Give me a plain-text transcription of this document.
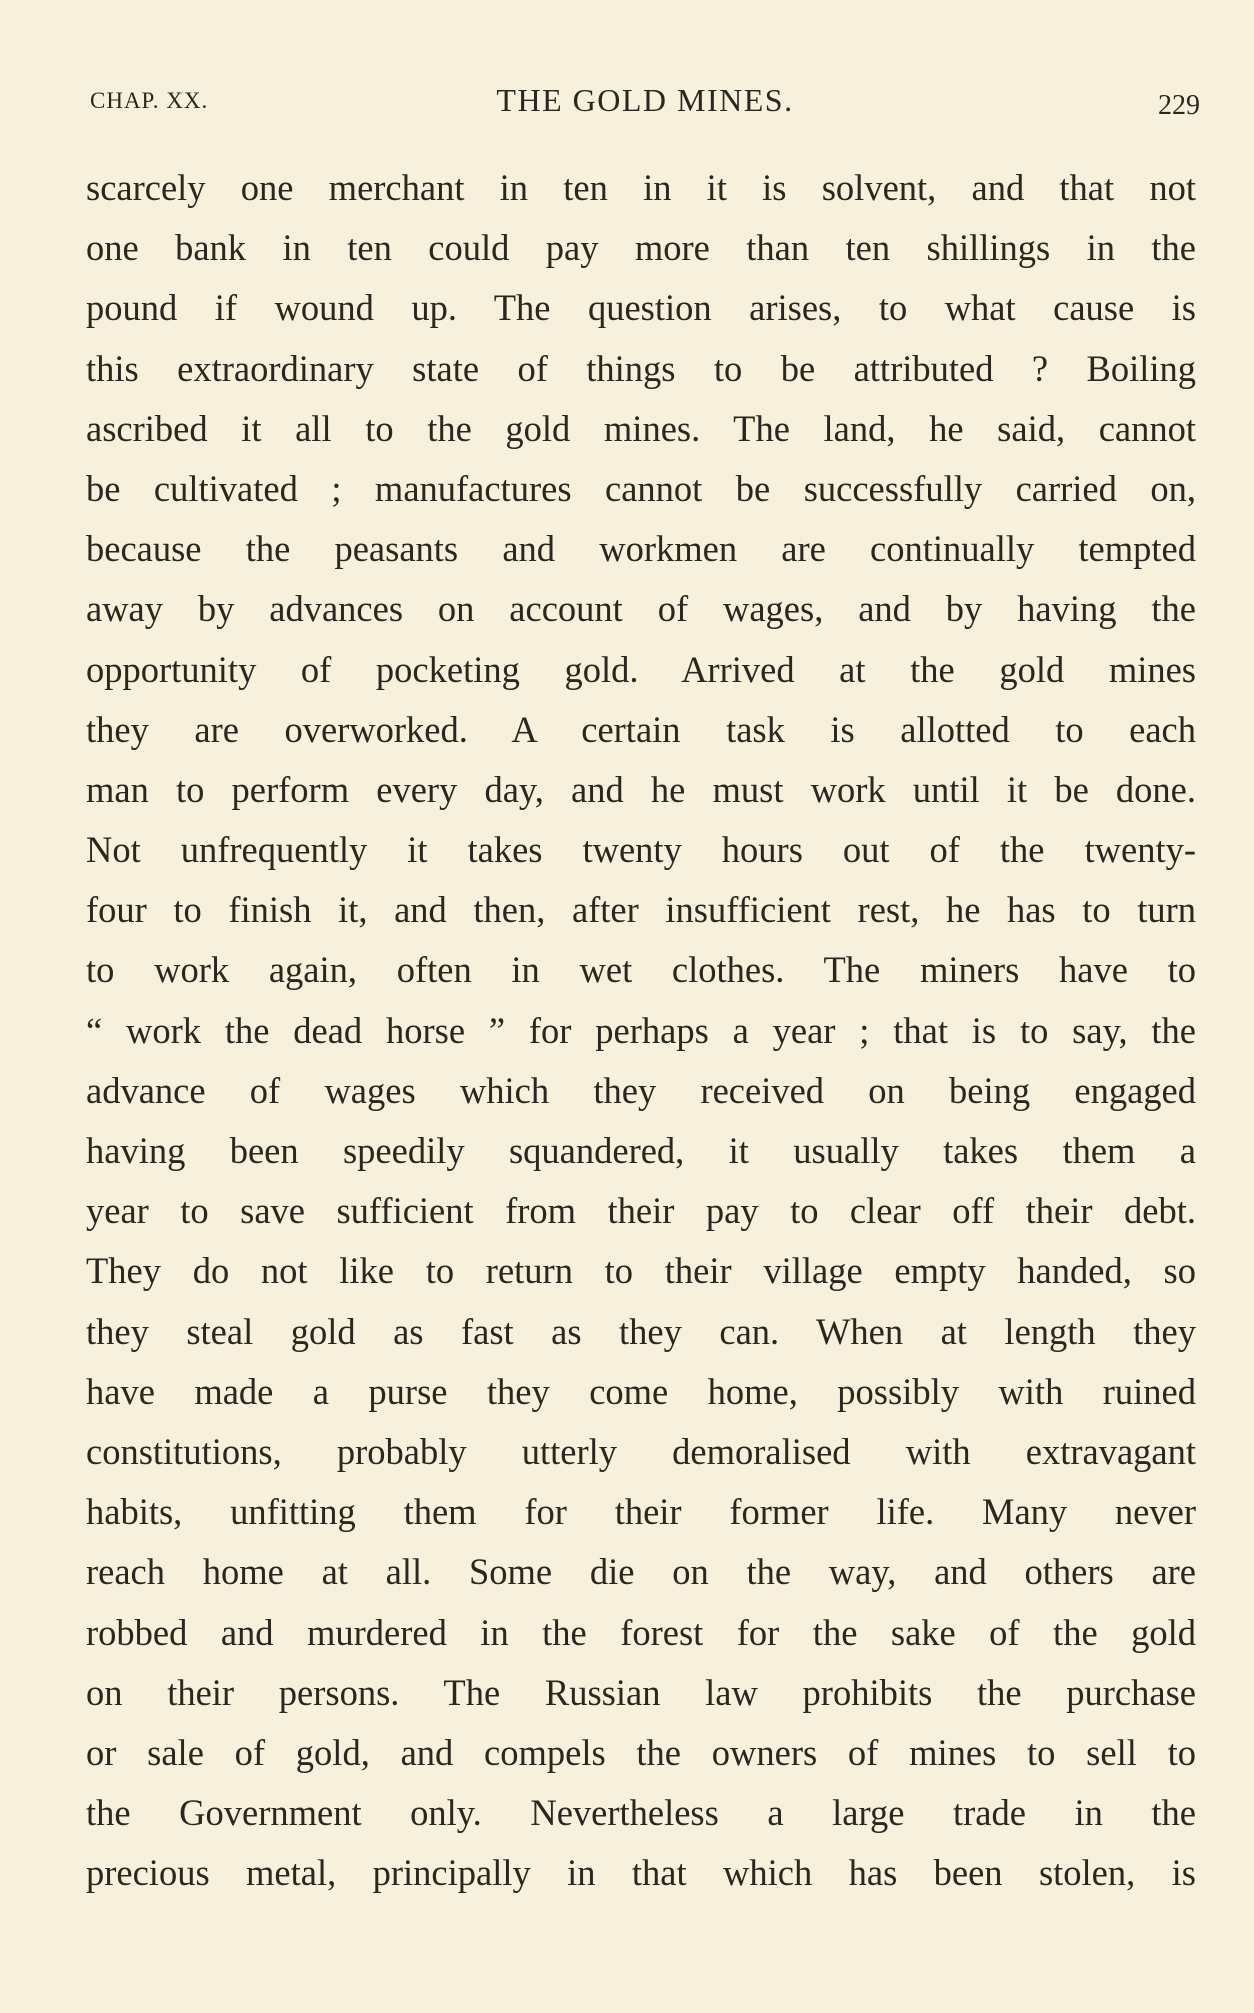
CHAP. XX.	THE GOLD MINES.	229
scarcely one merchant in ten in it is solvent, and that not
one bank in ten could pay more than ten shillings in the
pound if wound up. The question arises, to what cause is
this extraordinary state of things to be attributed ? Boiling
ascribed it all to the gold mines. The land, he said, cannot
be cultivated ; manufactures cannot be successfully carried on,
because the peasants and workmen are continually tempted
away by advances on account of wages, and by having the
opportunity of pocketing gold. Arrived at the gold mines
they are overworked. A certain task is allotted to each
man to perform every day, and he must work until it be done.
Not unfrequently it takes twenty hours out of the twenty-
four to finish it, and then, after insufficient rest, he has to turn
to work again, often in wet clothes. The miners have to
“ work the dead horse ” for perhaps a year ; that is to say, the
advance of wages which they received on being engaged
having been speedily squandered, it usually takes them a
year to save sufficient from their pay to clear off their debt.
They do not like to return to their village empty handed, so
they steal gold as fast as they can. When at length they
have made a purse they come home, possibly with ruined
constitutions, probably utterly demoralised with extravagant
habits, unfitting them for their former life. Many never
reach home at all. Some die on the way, and others are
robbed and murdered in the forest for the sake of the gold
on their persons. The Russian law prohibits the purchase
or sale of gold, and compels the owners of mines to sell to
the Government only. Nevertheless a large trade in the
precious metal, principally in that which has been stolen, is
